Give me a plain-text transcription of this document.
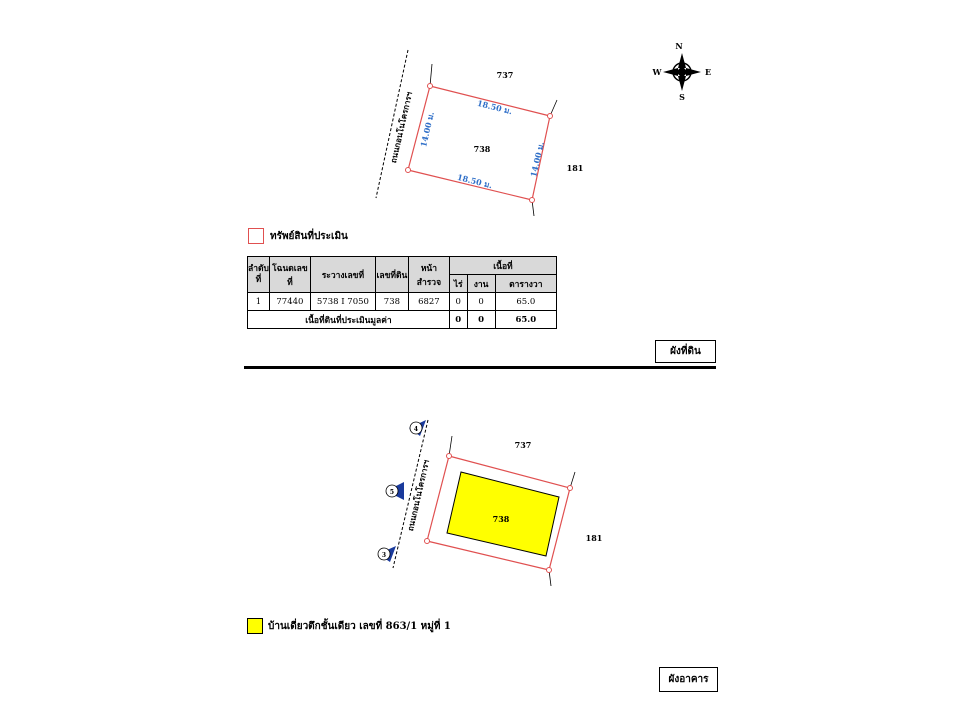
N
S
E
W
737
181
738
18.50 ม.
18.50 ม.
14.00 ม.
14.00 ม.
ถนนกอนโนโครการฯ
737
181
738
ถนนกอนโนโครการฯ
4
5
3
ทรัพย์สินที่ประเมิน
ลำดับ
ที่	โฉนดเลขที่	ระวางเลขที่	เลขที่ดิน	หน้าสำรวจ	เนื้อที่		
					ไร่	งาน	ตารางวา
1	77440	5738 I 7050	738	6827	0	0	65.0
เนื้อที่ดินที่ประเมินมูลค่า					0	0	65.0
ผังที่ดิน
บ้านเดี่ยวตึกชั้นเดียว เลขที่ 863/1 หมู่ที่ 1
ผังอาคาร
